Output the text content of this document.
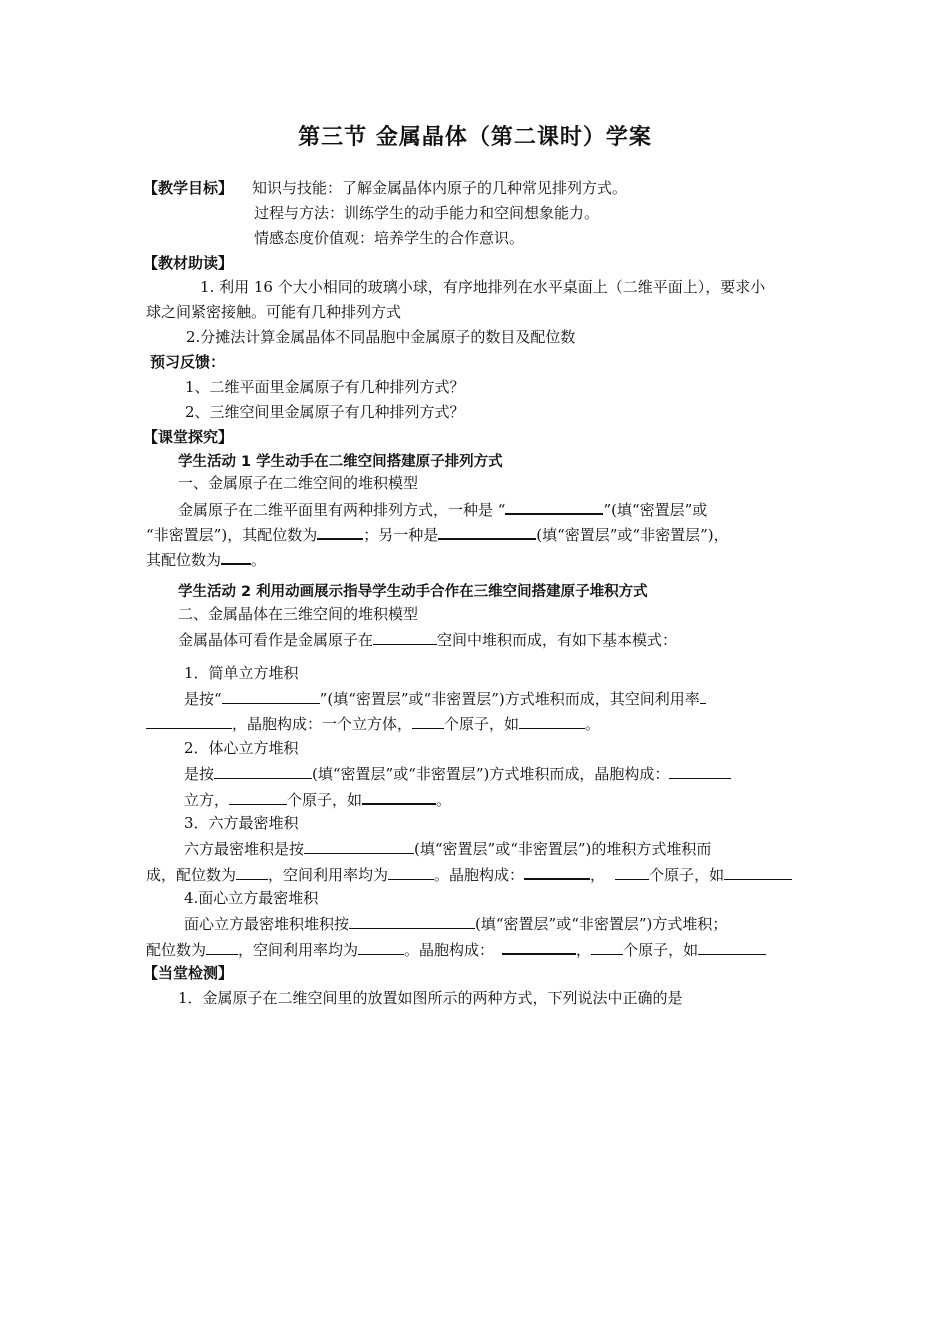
第三节 金属晶体（第二课时）学案
【教学目标】 知识与技能：了解金属晶体内原子的几种常见排列方式。
过程与方法：训练学生的动手能力和空间想象能力。
情感态度价值观：培养学生的合作意识。
【教材助读】
1. 利用 16 个大小相同的玻璃小球，有序地排列在水平桌面上（二维平面上），要求小
球之间紧密接触。可能有几种排列方式
2.分摊法计算金属晶体不同晶胞中金属原子的数目及配位数
预习反馈：
1、二维平面里金属原子有几种排列方式？
2、三维空间里金属原子有几种排列方式？
【课堂探究】
学生活动 1 学生动手在二维空间搭建原子排列方式
一、金属原子在二维空间的堆积模型
金属原子在二维平面里有两种排列方式，一种是 “	”(填“密置层”或
“非密置层”)，其配位数为	；另一种是	(填“密置层”或“非密置层”)，
其配位数为 。
学生活动 2 利用动画展示指导学生动手合作在三维空间搭建原子堆积方式
二、金属晶体在三维空间的堆积模型
金属晶体可看作是金属原子在	空间中堆积而成，有如下基本模式：
1．简单立方堆积
是按“	”(填“密置层”或“非密置层”)方式堆积而成，其空间利用率
，晶胞构成：一个立方体， 个原子，如	。
2．体心立方堆积
是按	(填“密置层”或“非密置层”)方式堆积而成，晶胞构成：
立方，	个原子，如	。
3．六方最密堆积
六方最密堆积是按	(填“密置层”或“非密置层”)的堆积方式堆积而
成，配位数为 ，空间利用率均为	。晶胞构成：	，	个原子，如
4.面心立方最密堆积
面心立方最密堆积堆积按	(填“密置层”或“非密置层”)方式堆积；
配位数为 ，空间利用率均为	。晶胞构成：	， 个原子，如
【当堂检测】
1．金属原子在二维空间里的放置如图所示的两种方式，下列说法中正确的是
